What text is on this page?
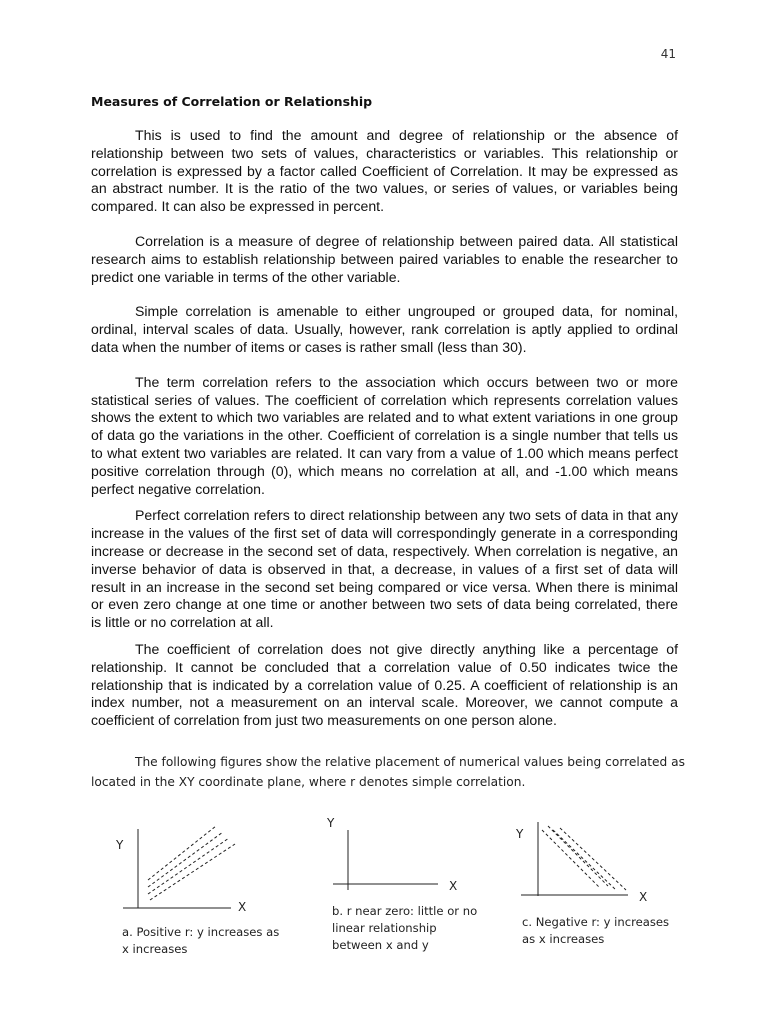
41
Measures of Correlation or Relationship

This is used to find the amount and degree of relationship or the absence of relationship between two sets of values, characteristics or variables. This relationship or correlation is expressed by a factor called Coefficient of Correlation. It may be expressed as an abstract number. It is the ratio of the two values, or series of values, or variables being compared. It can also be expressed in percent.

Correlation is a measure of degree of relationship between paired data. All statistical research aims to establish relationship between paired variables to enable the researcher to predict one variable in terms of the other variable.

Simple correlation is amenable to either ungrouped or grouped data, for nominal, ordinal, interval scales of data. Usually, however, rank correlation is aptly applied to ordinal data when the number of items or cases is rather small (less than 30).

The term correlation refers to the association which occurs between two or more statistical series of values. The coefficient of correlation which represents correlation values shows the extent to which two variables are related and to what extent variations in one group of data go the variations in the other. Coefficient of correlation is a single number that tells us to what extent two variables are related. It can vary from a value of 1.00 which means perfect positive correlation through (0), which means no correlation at all, and -1.00 which means perfect negative correlation.

Perfect correlation refers to direct relationship between any two sets of data in that any increase in the values of the first set of data will correspondingly generate in a corresponding increase or decrease in the second set of data, respectively. When correlation is negative, an inverse behavior of data is observed in that, a decrease, in values of a first set of data will result in an increase in the second set being compared or vice versa. When there is minimal or even zero change at one time or another between two sets of data being correlated, there is little or no correlation at all.

The coefficient of correlation does not give directly anything like a percentage of relationship. It cannot be concluded that a correlation value of 0.50 indicates twice the relationship that is indicated by a correlation value of 0.25. A coefficient of relationship is an index number, not a measurement on an interval scale. Moreover, we cannot compute a coefficient of correlation from just two measurements on one person alone.

The following figures show the relative placement of numerical values being correlated as located in the XY coordinate plane, where r denotes simple correlation.

Y
X
Y
X
Y
X
a. Positive r: y increases as
x increases
b. r near zero: little or no
linear relationship
between x and y
c. Negative r: y increases
as x increases
